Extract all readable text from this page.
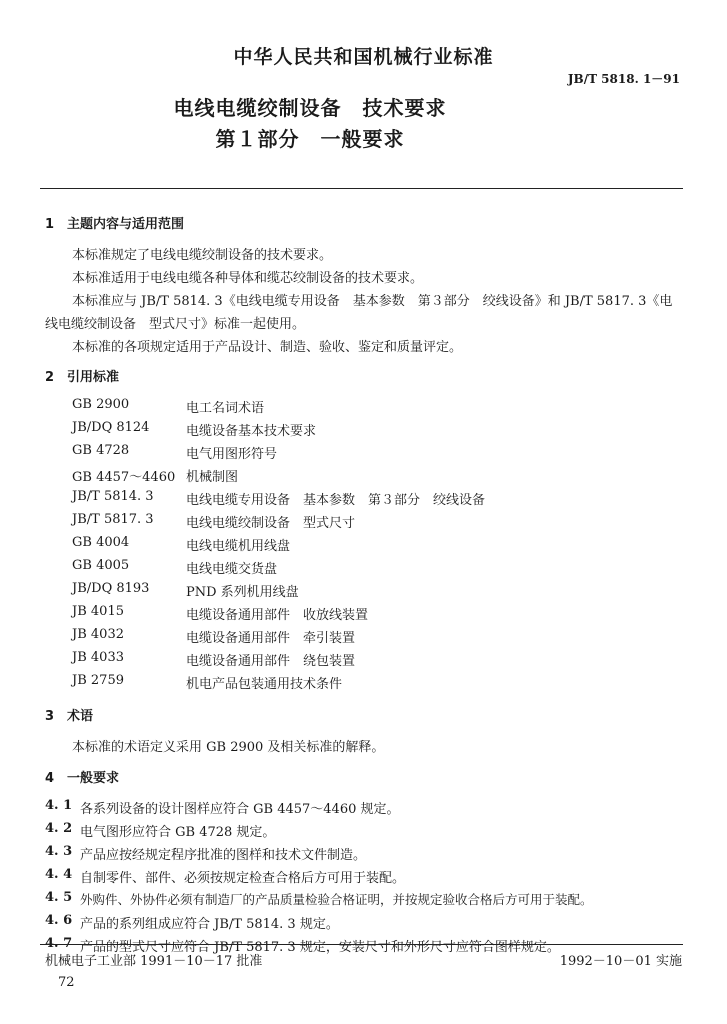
中华人民共和国机械行业标准
JB/T 5818. 1－91
电线电缆绞制设备　技术要求
第１部分　一般要求
1 主题内容与适用范围
本标准规定了电线电缆绞制设备的技术要求。
本标准适用于电线电缆各种导体和缆芯绞制设备的技术要求。
本标准应与 JB/T 5814. 3《电线电缆专用设备　基本参数　第３部分　绞线设备》和 JB/T 5817. 3《电
线电缆绞制设备　型式尺寸》标准一起使用。
本标准的各项规定适用于产品设计、制造、验收、鉴定和质量评定。
2 引用标准
GB 2900	电工名词术语
JB/DQ 8124	电缆设备基本技术要求
GB 4728	电气用图形符号
GB 4457～4460 机械制图
JB/T 5814. 3 电线电缆专用设备　基本参数　第３部分　绞线设备
JB/T 5817. 3 电线电缆绞制设备　型式尺寸
GB 4004	电线电缆机用线盘
GB 4005	电线电缆交货盘
JB/DQ 8193	PND 系列机用线盘
JB 4015	电缆设备通用部件　收放线装置
JB 4032	电缆设备通用部件　牵引装置
JB 4033	电缆设备通用部件　绕包装置
JB 2759	机电产品包装通用技术条件
3 术语
本标准的术语定义采用 GB 2900 及相关标准的解释。
4 一般要求
4. 1 各系列设备的设计图样应符合 GB 4457～4460 规定。
4. 2 电气图形应符合 GB 4728 规定。
4. 3 产品应按经规定程序批准的图样和技术文件制造。
4. 4 自制零件、部件、必须按规定检查合格后方可用于装配。
4. 5 外购件、外协件必须有制造厂的产品质量检验合格证明，并按规定验收合格后方可用于装配。
4. 6 产品的系列组成应符合 JB/T 5814. 3 规定。
4. 7 产品的型式尺寸应符合 JB/T 5817. 3 规定，安装尺寸和外形尺寸应符合图样规定。
机械电子工业部 1991－10－17 批准	1992－10－01 实施
72
